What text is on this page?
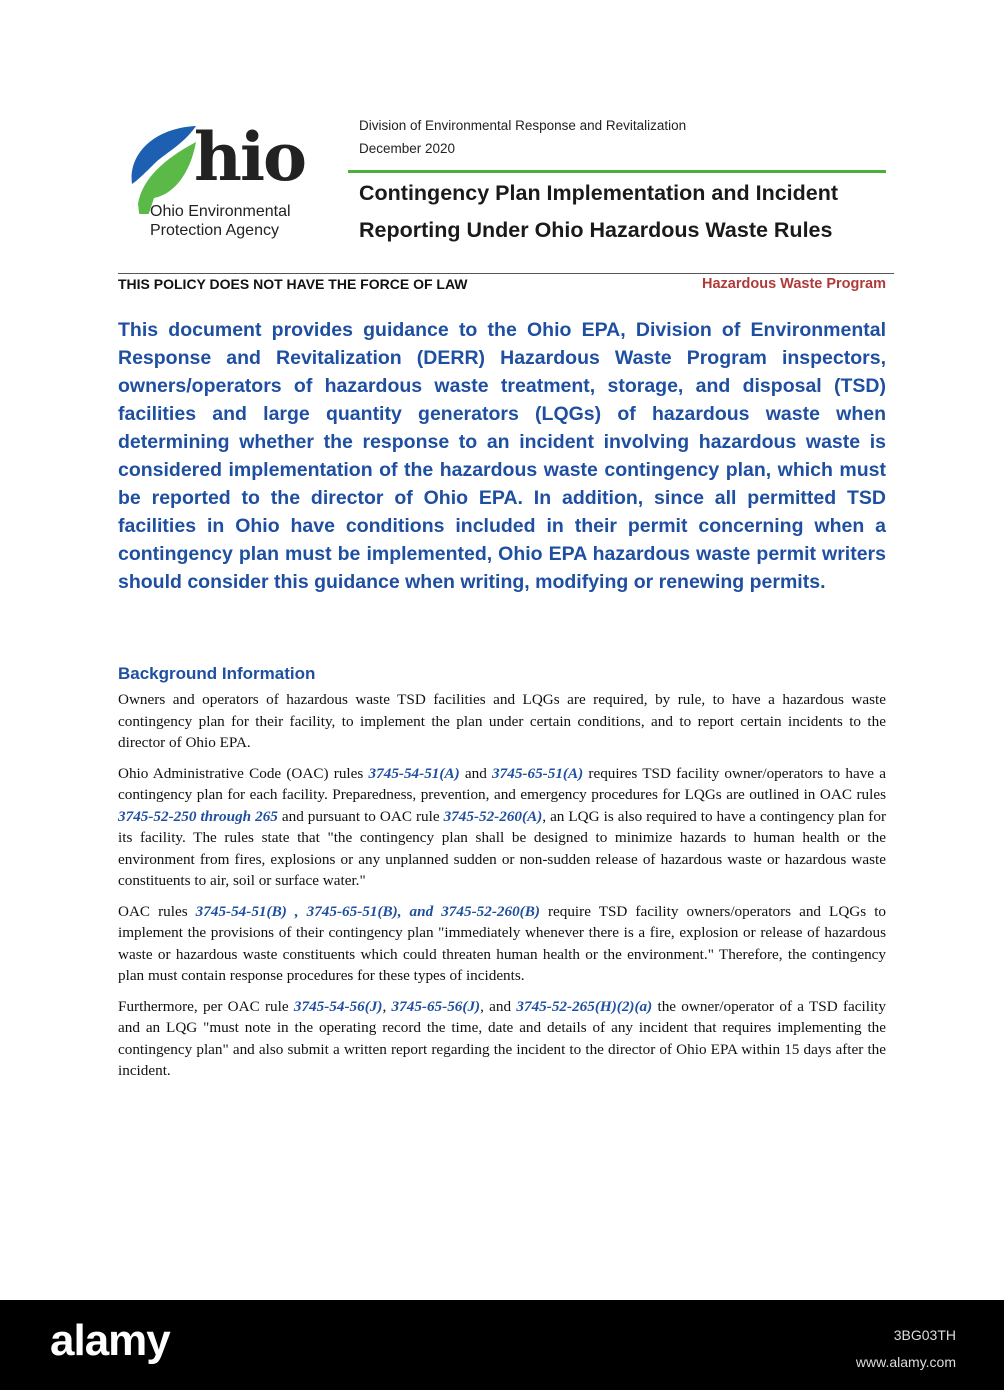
hio
Ohio Environmental
Protection Agency
Division of Environmental Response and Revitalization
December 2020
Contingency Plan Implementation and Incident
Reporting Under Ohio Hazardous Waste Rules
THIS POLICY DOES NOT HAVE THE FORCE OF LAW	Hazardous Waste Program
This document provides guidance to the Ohio EPA, Division of Environmental Response and Revitalization (DERR) Hazardous Waste Program inspectors, owners/operators of hazardous waste treatment, storage, and disposal (TSD) facilities and large quantity generators (LQGs) of hazardous waste when determining whether the response to an incident involving hazardous waste is considered implementation of the hazardous waste contingency plan, which must be reported to the director of Ohio EPA. In addition, since all permitted TSD facilities in Ohio have conditions included in their permit concerning when a contingency plan must be implemented, Ohio EPA hazardous waste permit writers should consider this guidance when writing, modifying or renewing permits.
Background Information

Owners and operators of hazardous waste TSD facilities and LQGs are required, by rule, to have a hazardous waste contingency plan for their facility, to implement the plan under certain conditions, and to report certain incidents to the director of Ohio EPA.

Ohio Administrative Code (OAC) rules 3745-54-51(A) and 3745-65-51(A) requires TSD facility owner/operators to have a contingency plan for each facility. Preparedness, prevention, and emergency procedures for LQGs are outlined in OAC rules 3745-52-250 through 265 and pursuant to OAC rule 3745-52-260(A), an LQG is also required to have a contingency plan for its facility. The rules state that "the contingency plan shall be designed to minimize hazards to human health or the environment from fires, explosions or any unplanned sudden or non-sudden release of hazardous waste or hazardous waste constituents to air, soil or surface water."

OAC rules 3745-54-51(B) , 3745-65-51(B), and 3745-52-260(B) require TSD facility owners/operators and LQGs to implement the provisions of their contingency plan "immediately whenever there is a fire, explosion or release of hazardous waste or hazardous waste constituents which could threaten human health or the environment." Therefore, the contingency plan must contain response procedures for these types of incidents.

Furthermore, per OAC rule 3745-54-56(J), 3745-65-56(J), and 3745-52-265(H)(2)(a) the owner/operator of a TSD facility and an LQG "must note in the operating record the time, date and details of any incident that requires implementing the contingency plan" and also submit a written report regarding the incident to the director of Ohio EPA within 15 days after the incident.

alamy	3BG03TH
www.alamy.com
